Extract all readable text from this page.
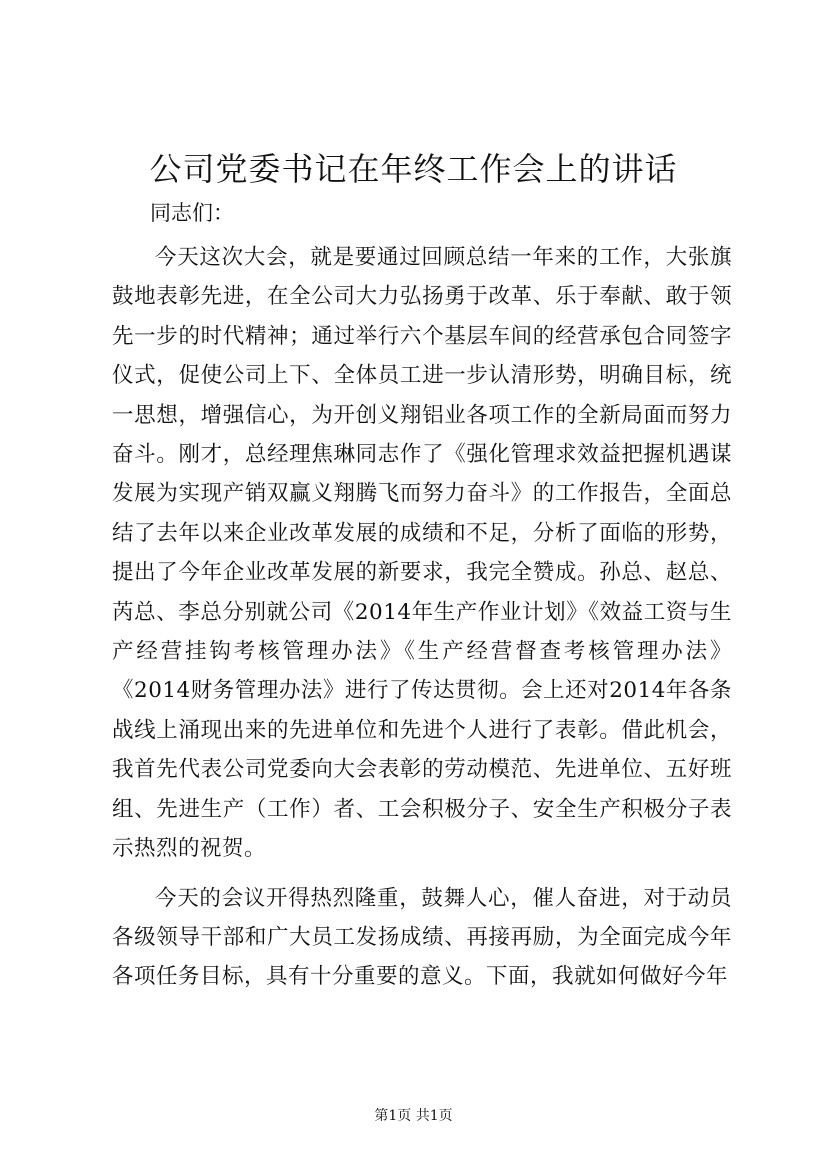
公司党委书记在年终工作会上的讲话

同志们：

今天这次大会，就是要通过回顾总结一年来的工作，大张旗鼓地表彰先进，在全公司大力弘扬勇于改革、乐于奉献、敢于领先一步的时代精神；通过举行六个基层车间的经营承包合同签字仪式，促使公司上下、全体员工进一步认清形势，明确目标，统一思想，增强信心，为开创义翔铝业各项工作的全新局面而努力奋斗。刚才，总经理焦琳同志作了《强化管理求效益把握机遇谋发展为实现产销双赢义翔腾飞而努力奋斗》的工作报告，全面总结了去年以来企业改革发展的成绩和不足，分析了面临的形势，提出了今年企业改革发展的新要求，我完全赞成。孙总、赵总、芮总、李总分别就公司《2014年生产作业计划》《效益工资与生产经营挂钩考核管理办法》《生产经营督查考核管理办法》《2014财务管理办法》进行了传达贯彻。会上还对2014年各条战线上涌现出来的先进单位和先进个人进行了表彰。借此机会，我首先代表公司党委向大会表彰的劳动模范、先进单位、五好班组、先进生产（工作）者、工会积极分子、安全生产积极分子表示热烈的祝贺。

今天的会议开得热烈隆重，鼓舞人心，催人奋进，对于动员各级领导干部和广大员工发扬成绩、再接再励，为全面完成今年各项任务目标，具有十分重要的意义。下面，我就如何做好今年

第1页 共1页
